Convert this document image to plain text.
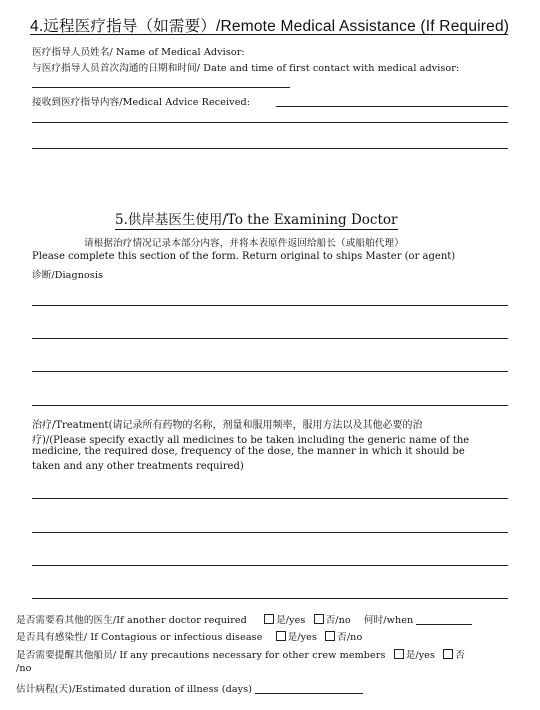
4.远程医疗指导（如需要）/Remote Medical Assistance (If Required)
医疗指导人员姓名/ Name of Medical Advisor:
与医疗指导人员首次沟通的日期和时间/ Date and time of first contact with medical advisor:
接收到医疗指导内容/Medical Advice Received:
5.供岸基医生使用/To the Examining Doctor
请根据治疗情况记录本部分内容，并将本表原件返回给船长（或船舶代理）
Please complete this section of the form. Return original to ships Master (or agent)
诊断/Diagnosis
治疗/Treatment(请记录所有药物的名称，剂量和服用频率，服用方法以及其他必要的治
疗)/(Please specify exactly all medicines to be taken including the generic name of the
medicine, the required dose, frequency of the dose, the manner in which it should be
taken and any other treatments required)
是否需要看其他的医生/If another doctor required	是/yes 否/no 何时/when
是否具有感染性/ If Contagious or infectious disease	是/yes 否/no
是否需要提醒其他船员/ If any precautions necessary for other crew members 是/yes 否
/no
估计病程(天)/Estimated duration of illness (days)
